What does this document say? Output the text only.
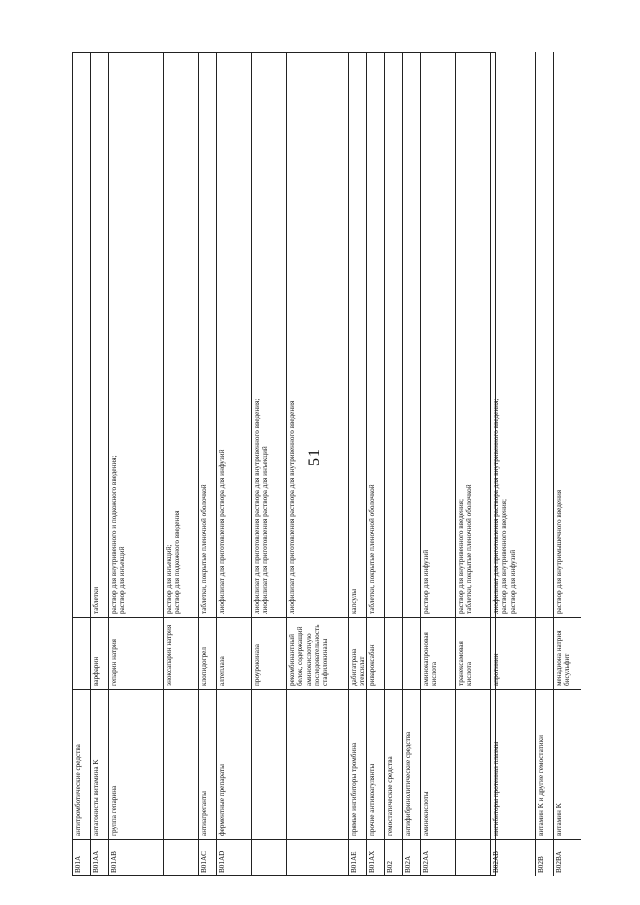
51
B01A
антитромботические средства
B01AA
антагонисты витамина K
варфарин
таблетки
B01AB
группа гепарина
гепарин натрия
раствор для внутривенного и подкожного введения;
раствор для инъекций
эноксапарин натрия
раствор для инъекций;
раствор для подкожного введения
B01AC
антиагреганты
клопидогрел
таблетки, покрытые пленочной оболочкой
B01AD
ферментные препараты
алтеплаза
лиофилизат для приготовления раствора для инфузий
проурокиназа
лиофилизат для приготовления раствора для внутривенного введения;
лиофилизат для приготовления раствора для инъекций
рекомбинантный белок, содержащий аминокислотную последовательность стафилокиназы
лиофилизат для приготовления раствора для внутривенного введения
B01AE
прямые ингибиторы тромбина
дабигатрана этексилат
капсулы
B01AX
прочие антикоагулянты
ривароксабан
таблетки, покрытые пленочной оболочкой
B02
гемостатические средства
B02A
антифибринолитические средства
B02AA
аминокислоты
аминокапроновая кислота
раствор для инфузий
транексамовая кислота
раствор для внутривенного введения;
таблетки, покрытые пленочной оболочкой
B02AB
ингибиторы протеиназ плазмы
апротинин
лиофилизат для приготовления раствора для внутривенного введения;
раствор для внутривенного введения;
раствор для инфузий
B02B
витамин K и другие гемостатики
B02BA
витамин K
менадиона натрия бисульфит
раствор для внутримышечного введения
